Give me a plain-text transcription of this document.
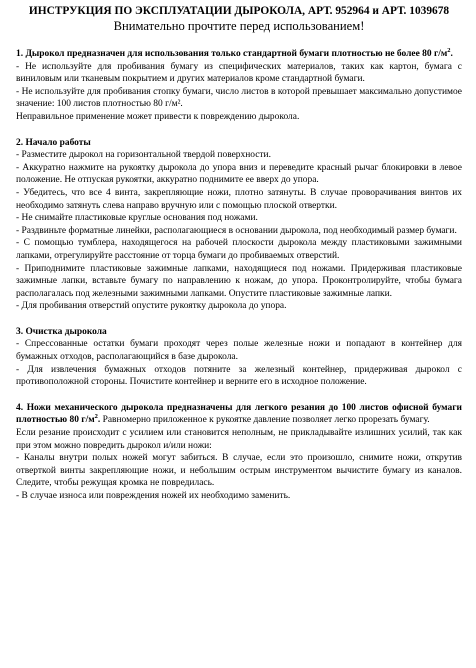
ИНСТРУКЦИЯ ПО ЭКСПЛУАТАЦИИ ДЫРОКОЛА, АРТ. 952964 и АРТ. 1039678
Внимательно прочтите перед использованием!
1. Дырокол предназначен для использования только стандартной бумаги плотностью не более 80 $г/м^2$.
- Не используйте для пробивания бумагу из специфических материалов, таких как картон, бумага с виниловым или тканевым покрытием и других материалов кроме стандартной бумаги.
- Не используйте для пробивания стопку бумаги, число листов в которой превышает максимально допустимое значение: 100 листов плотностью 80 г/м².
Неправильное применение может привести к повреждению дырокола.
2. Начало работы
- Разместите дырокол на горизонтальной твердой поверхности.
- Аккуратно нажмите на рукоятку дырокола до упора вниз и переведите красный рычаг блокировки в левое положение. Не отпуская рукоятки, аккуратно поднимите ее вверх до упора.
- Убедитесь, что все 4 винта, закрепляющие ножи, плотно затянуты. В случае проворачивания винтов их необходимо затянуть слева направо вручную или с помощью плоской отвертки.
- Не снимайте пластиковые круглые основания под ножами.
- Раздвиньте форматные линейки, располагающиеся в основании дырокола, под необходимый размер бумаги.
- С помощью тумблера, находящегося на рабочей плоскости дырокола между пластиковыми зажимными лапками, отрегулируйте расстояние от торца бумаги до пробиваемых отверстий.
- Приподнимите пластиковые зажимные лапками, находящиеся под ножами. Придерживая пластиковые зажимные лапки, вставьте бумагу по направлению к ножам, до упора. Проконтролируйте, чтобы бумага располагалась под железными зажимными лапками. Опустите пластиковые зажимные лапки.
- Для пробивания отверстий опустите рукоятку дырокола до упора.
3. Очистка дырокола
- Спрессованные остатки бумаги проходят через полые железные ножи и попадают в контейнер для бумажных отходов, располагающийся в базе дырокола.
- Для извлечения бумажных отходов потяните за железный контейнер, придерживая дырокол с противоположной стороны. Почистите контейнер и верните его в исходное положение.
4. Ножи механического дырокола предназначены для легкого резания до 100 листов офисной бумаги плотностью 80 $г/м^2$. Равномерно приложенное к рукоятке давление позволяет легко прорезать бумагу.
Если резание происходит с усилием или становится неполным, не прикладывайте излишних усилий, так как при этом можно повредить дырокол и/или ножи:
- Каналы внутри полых ножей могут забиться. В случае, если это произошло, снимите ножи, открутив отверткой винты закрепляющие ножи, и небольшим острым инструментом вычистите бумагу из каналов. Следите, чтобы режущая кромка не повредилась.
- В случае износа или повреждения ножей их необходимо заменить.
